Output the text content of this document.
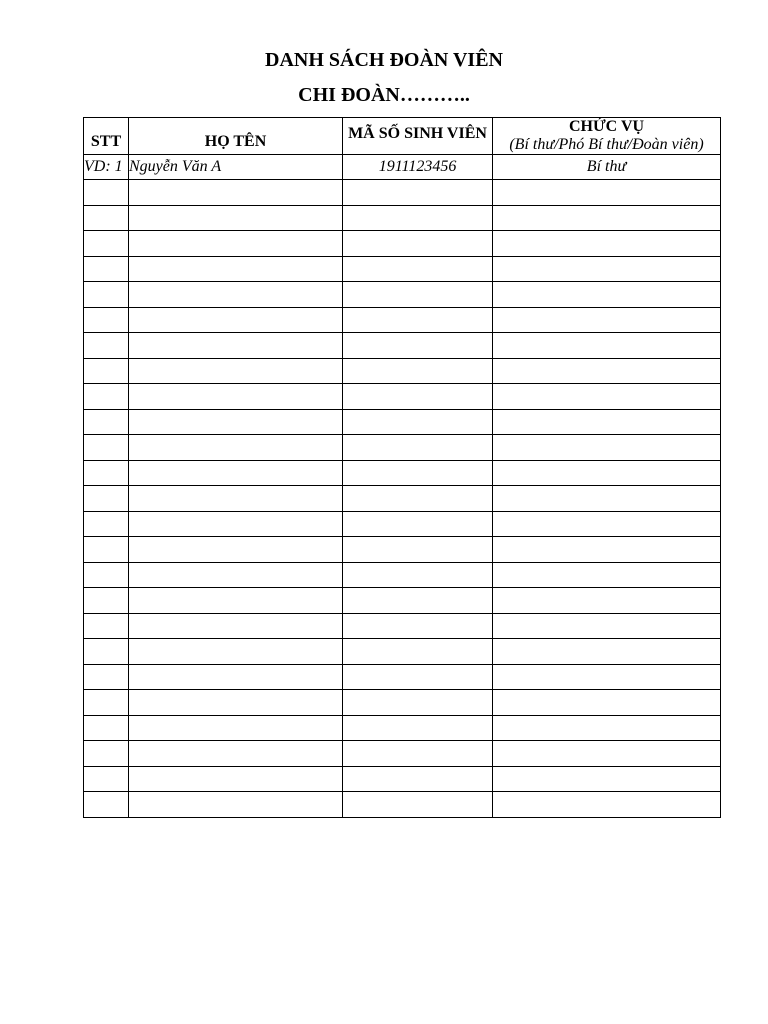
DANH SÁCH ĐOÀN VIÊN
CHI ĐOÀN………..
STT	HỌ TÊN	MÃ SỐ SINH VIÊN	CHỨC VỤ
(Bí thư/Phó Bí thư/Đoàn viên)

VD: 1	Nguyễn Văn A	1911123456	Bí thư
